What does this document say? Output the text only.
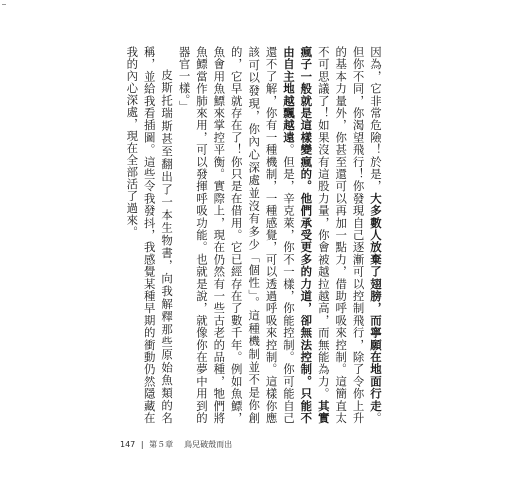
因為，它非常危險！於是，大多數人放棄了翅膀，而寧願在地面行走。但你不同，你渴望飛行！你發現自己逐漸可以控制飛行，除了令你上升的基本力量外，你甚至還可以再加一點力，借助呼吸來控制。這簡直太不可思議了！如果沒有這股力量，你會被越拉越高，而無能為力。其實瘋子一般就是這樣變瘋的。他們承受更多的力道，卻無法控制。只能不由自主地越飄越遠。但是，辛克萊，你不一樣，你能控制。你可能自己還不了解，你有一種機制，一種感覺，可以透過呼吸來控制。這樣你應該可以發現，你內心深處並沒有多少「個性」。這種機制並不是你創的，它早就存在了！你只是在借用。它已經存在了數千年。例如魚鰾，魚會用魚鰾來掌控平衡。實際上，現在仍然有一些古老的品種，牠們將魚鰾當作肺來用，可以發揮呼吸功能。也就是說，就像你在夢中用到的器官一樣。」

皮斯托瑞斯甚至翻出了一本生物書，向我解釋那些原始魚類的名稱，並給我看插圖。這些令我發抖，我感覺某種早期的衝動仍然隱藏在我的內心深處，現在全部活了過來。

147 | 第５章 鳥兒破殼而出
